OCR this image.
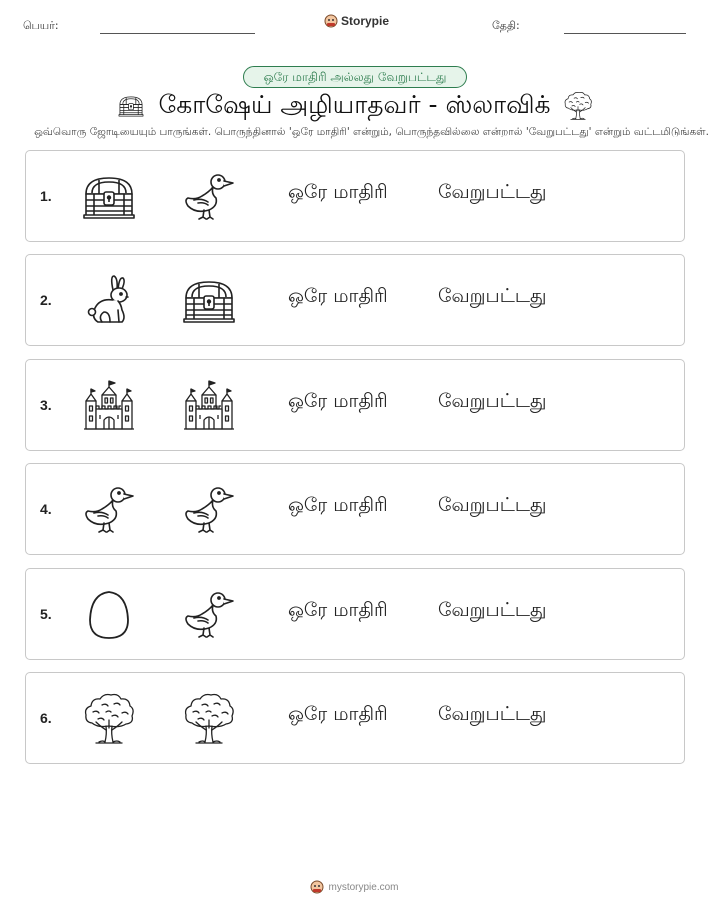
பெயர்:	Storypie	தேதி:
ஒரே மாதிரி அல்லது வேறுபட்டது
கோஷேய் அழியாதவர் - ஸ்லாவிக்
ஒவ்வொரு ஜோடியையும் பாருங்கள். பொருந்தினால் 'ஒரே மாதிரி' என்றும், பொருந்தவில்லை என்றால் 'வேறுபட்டது' என்றும் வட்டமிடுங்கள்.
1.	ஒரே மாதிரி	வேறுபட்டது
2.	ஒரே மாதிரி	வேறுபட்டது
3.	ஒரே மாதிரி	வேறுபட்டது
4.	ஒரே மாதிரி	வேறுபட்டது
5.	ஒரே மாதிரி	வேறுபட்டது
6.	ஒரே மாதிரி	வேறுபட்டது
mystorypie.com
